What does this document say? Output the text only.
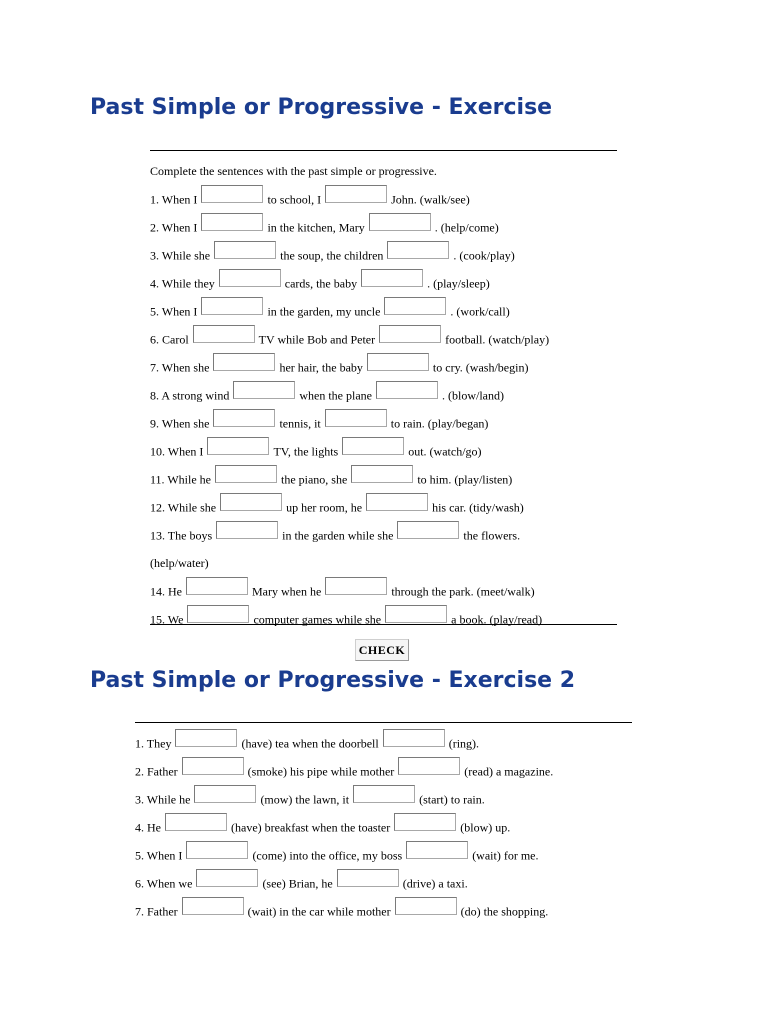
Past Simple or Progressive - Exercise
Complete the sentences with the past simple or progressive.
1. When I	to school, I	John. (walk/see)
2. When I	in the kitchen, Mary	. (help/come)
3. While she	the soup, the children	. (cook/play)
4. While they	cards, the baby	. (play/sleep)
5. When I	in the garden, my uncle	. (work/call)
6. Carol	TV while Bob and Peter	football. (watch/play)
7. When she	her hair, the baby	to cry. (wash/begin)
8. A strong wind	when the plane	. (blow/land)
9. When she	tennis, it	to rain. (play/began)
10. When I	TV, the lights	out. (watch/go)
11. While he	the piano, she	to him. (play/listen)
12. While she	up her room, he	his car. (tidy/wash)
13. The boys	in the garden while she	the flowers.
(help/water)
14. He	Mary when he	through the park. (meet/walk)
15. We	computer games while she	a book. (play/read)
CHECK
Past Simple or Progressive - Exercise 2
1. They	(have) tea when the doorbell	(ring).
2. Father	(smoke) his pipe while mother	(read) a magazine.
3. While he	(mow) the lawn, it	(start) to rain.
4. He	(have) breakfast when the toaster	(blow) up.
5. When I	(come) into the office, my boss	(wait) for me.
6. When we	(see) Brian, he	(drive) a taxi.
7. Father	(wait) in the car while mother	(do) the shopping.
